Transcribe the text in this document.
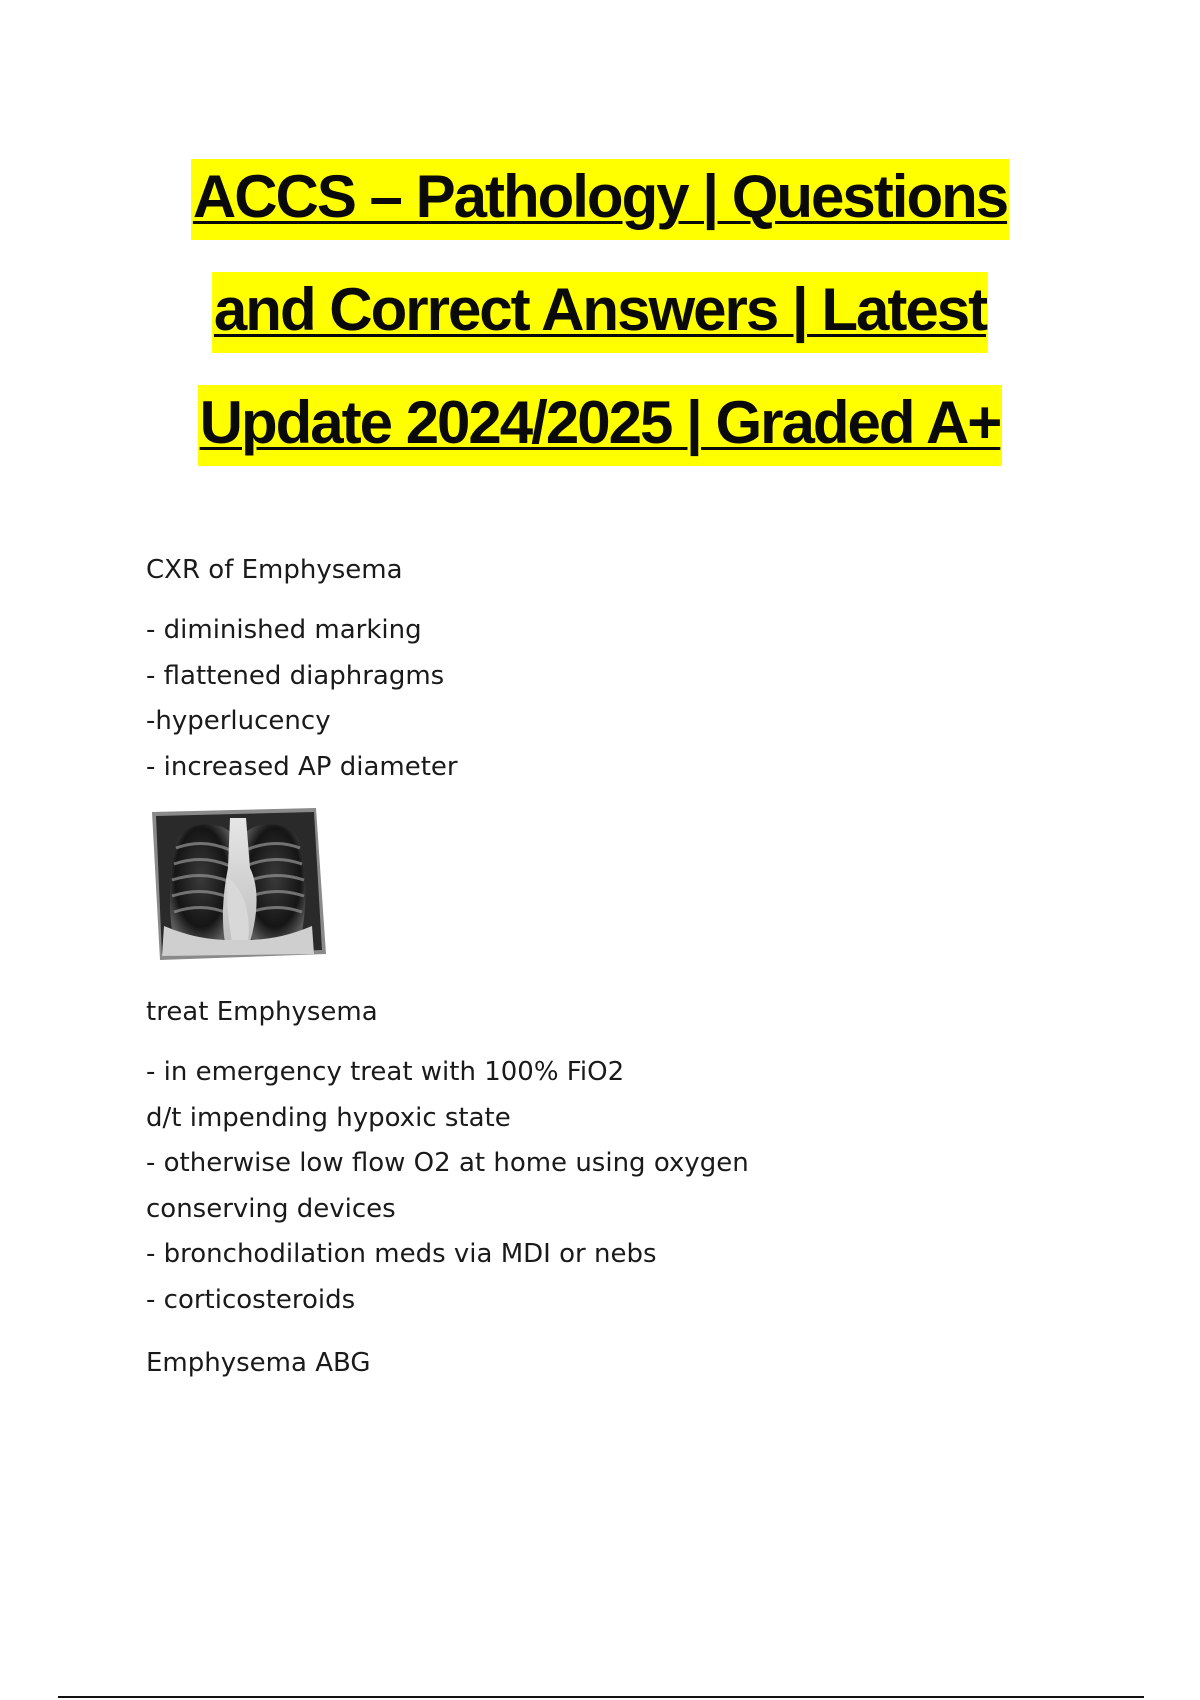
ACCS – Pathology | Questions
and Correct Answers | Latest
Update 2024/2025 | Graded A+

CXR of Emphysema

- diminished marking
- flattened diaphragms
-hyperlucency
- increased AP diameter

treat Emphysema

- in emergency treat with 100% FiO2
d/t impending hypoxic state
- otherwise low flow O2 at home using oxygen
conserving devices
- bronchodilation meds via MDI or nebs
- corticosteroids

Emphysema ABG
